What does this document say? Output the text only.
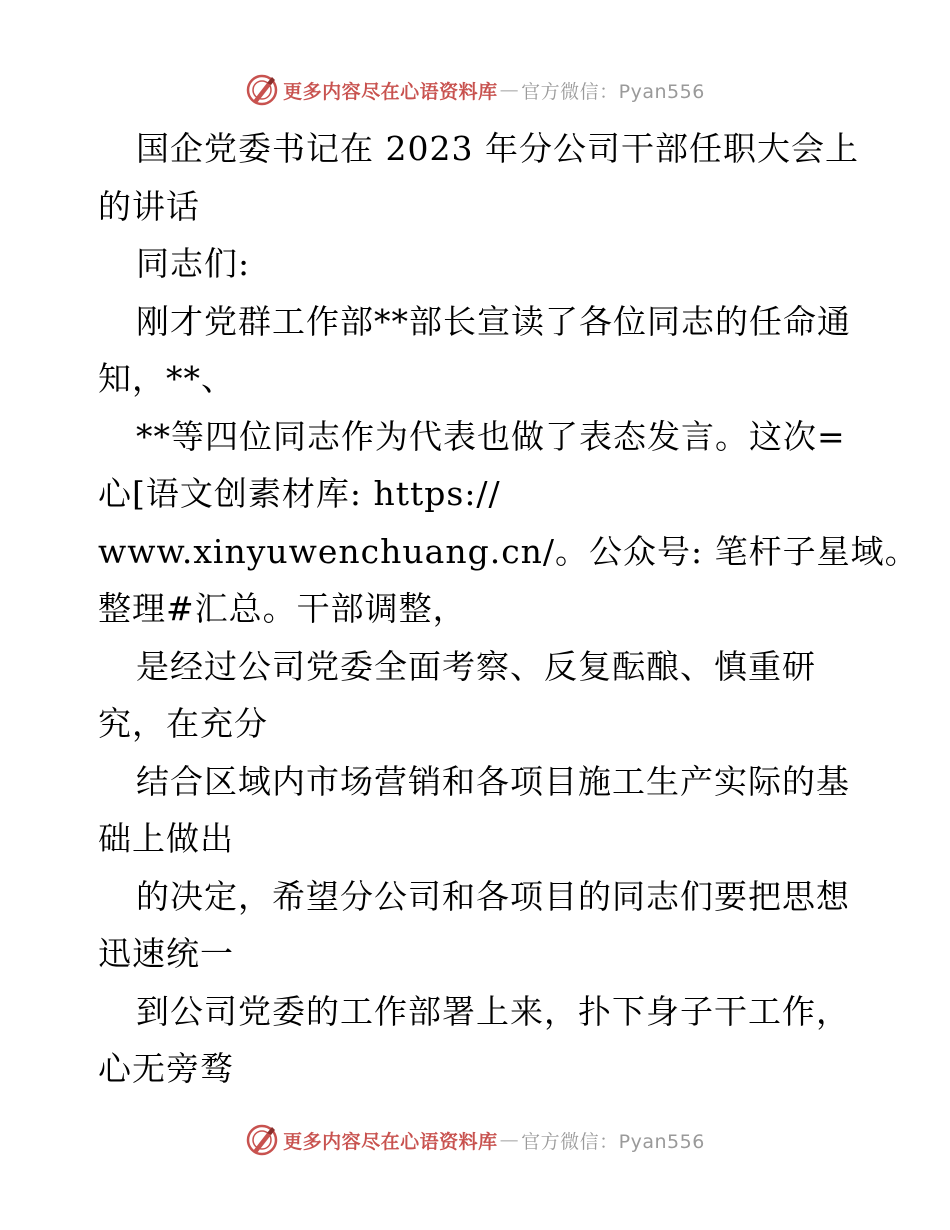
更多内容尽在心语资料库 — 官方微信：Pyan556
国企党委书记在 2023 年分公司干部任职大会上
的讲话
同志们:
刚才党群工作部**部长宣读了各位同志的任命通
知，**、
**等四位同志作为代表也做了表态发言。这次=
心[语文创素材库: https://
www.xinyuwenchuang.cn/。公众号: 笔杆子星域。
整理#汇总。干部调整，
是经过公司党委全面考察、反复酝酿、慎重研
究，在充分
结合区域内市场营销和各项目施工生产实际的基
础上做出
的决定，希望分公司和各项目的同志们要把思想
迅速统一
到公司党委的工作部署上来，扑下身子干工作，
心无旁骛
更多内容尽在心语资料库 — 官方微信：Pyan556
